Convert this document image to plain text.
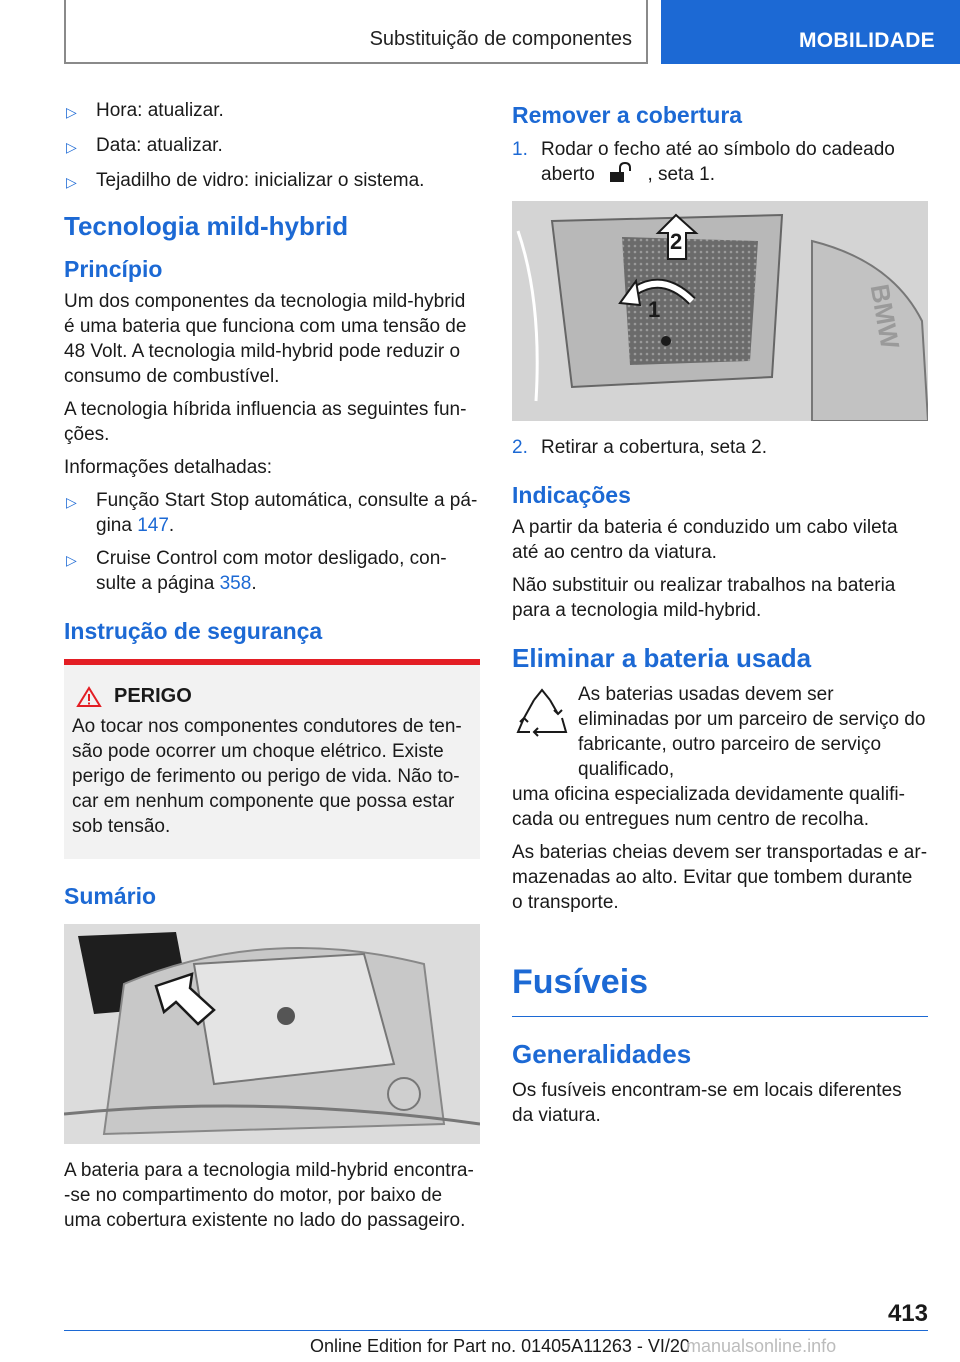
Substituição de componentes	MOBILIDADE
▷	Hora: atualizar.
▷	Data: atualizar.
▷	Tejadilho de vidro: inicializar o sistema.
Tecnologia mild-hybrid
Princípio

Um dos componentes da tecnologia mild-hybrid é uma bateria que funciona com uma tensão de 48 Volt. A tecnologia mild-hybrid pode reduzir o consumo de combustível.

A tecnologia híbrida influencia as seguintes fun-ções.

Informações detalhadas:

▷	Função Start Stop automática, consulte a pá-gina 147.
▷	Cruise Control com motor desligado, con-sulte a página 358.
Instrução de segurança
PERIGO

Ao tocar nos componentes condutores de ten-são pode ocorrer um choque elétrico. Existe perigo de ferimento ou perigo de vida. Não to-car em nenhum componente que possa estar sob tensão.

Sumário

A bateria para a tecnologia mild-hybrid encontra--se no compartimento do motor, por baixo de uma cobertura existente no lado do passageiro.

Remover a cobertura
1. Rodar o fecho até ao símbolo do cadeado aberto	, seta 1.
1
2
BMW
2. Retirar a cobertura, seta 2.
Indicações

A partir da bateria é conduzido um cabo vileta até ao centro da viatura.

Não substituir ou realizar trabalhos na bateria para a tecnologia mild-hybrid.

Eliminar a bateria usada
As baterias usadas devem ser eliminadas por um parceiro de serviço do fabricante, outro parceiro de serviço qualificado,

uma oficina especializada devidamente qualifi-cada ou entregues num centro de recolha.

As baterias cheias devem ser transportadas e ar-mazenadas ao alto. Evitar que tombem durante o transporte.

Fusíveis
Generalidades

Os fusíveis encontram-se em locais diferentes da viatura.

413
Online Edition for Part no. 01405A11263 - VI/20
manualsonline.info
